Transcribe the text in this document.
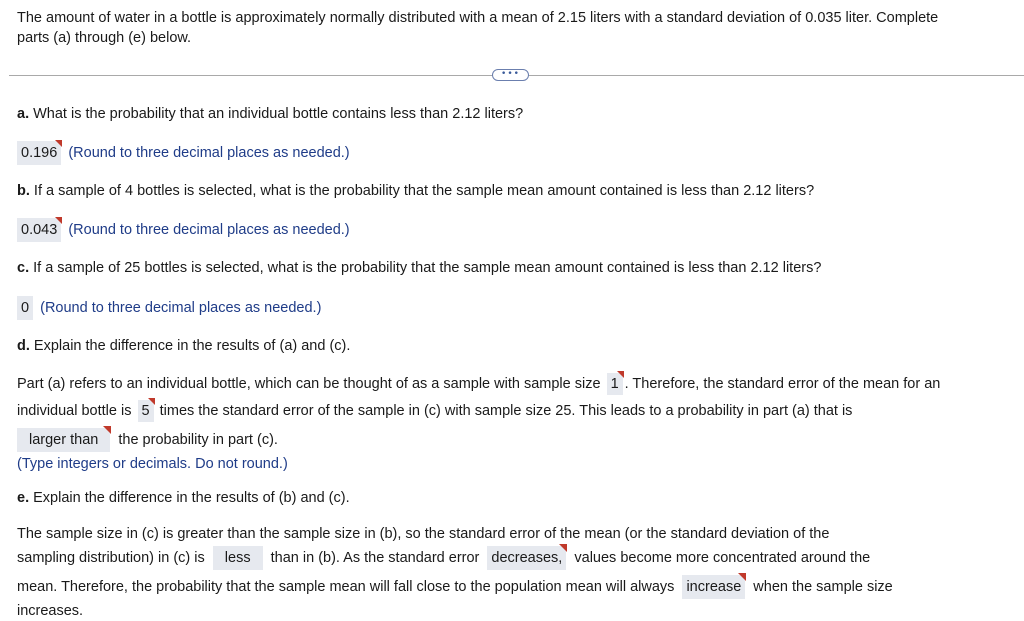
The amount of water in a bottle is approximately normally distributed with a mean of 2.15 liters with a standard deviation of 0.035 liter. Complete
parts (a) through (e) below.
•••
a. What is the probability that an individual bottle contains less than 2.12 liters?
0.196 (Round to three decimal places as needed.)
b. If a sample of 4 bottles is selected, what is the probability that the sample mean amount contained is less than 2.12 liters?
0.043 (Round to three decimal places as needed.)
c. If a sample of 25 bottles is selected, what is the probability that the sample mean amount contained is less than 2.12 liters?
0 (Round to three decimal places as needed.)
d. Explain the difference in the results of (a) and (c).
Part (a) refers to an individual bottle, which can be thought of as a sample with sample size 1 . Therefore, the standard error of the mean for an
individual bottle is 5 times the standard error of the sample in (c) with sample size 25. This leads to a probability in part (a) that is
larger than the probability in part (c).
(Type integers or decimals. Do not round.)
e. Explain the difference in the results of (b) and (c).
The sample size in (c) is greater than the sample size in (b), so the standard error of the mean (or the standard deviation of the
sampling distribution) in (c) is less than in (b). As the standard error decreases, values become more concentrated around the
mean. Therefore, the probability that the sample mean will fall close to the population mean will always increase when the sample size
increases.
